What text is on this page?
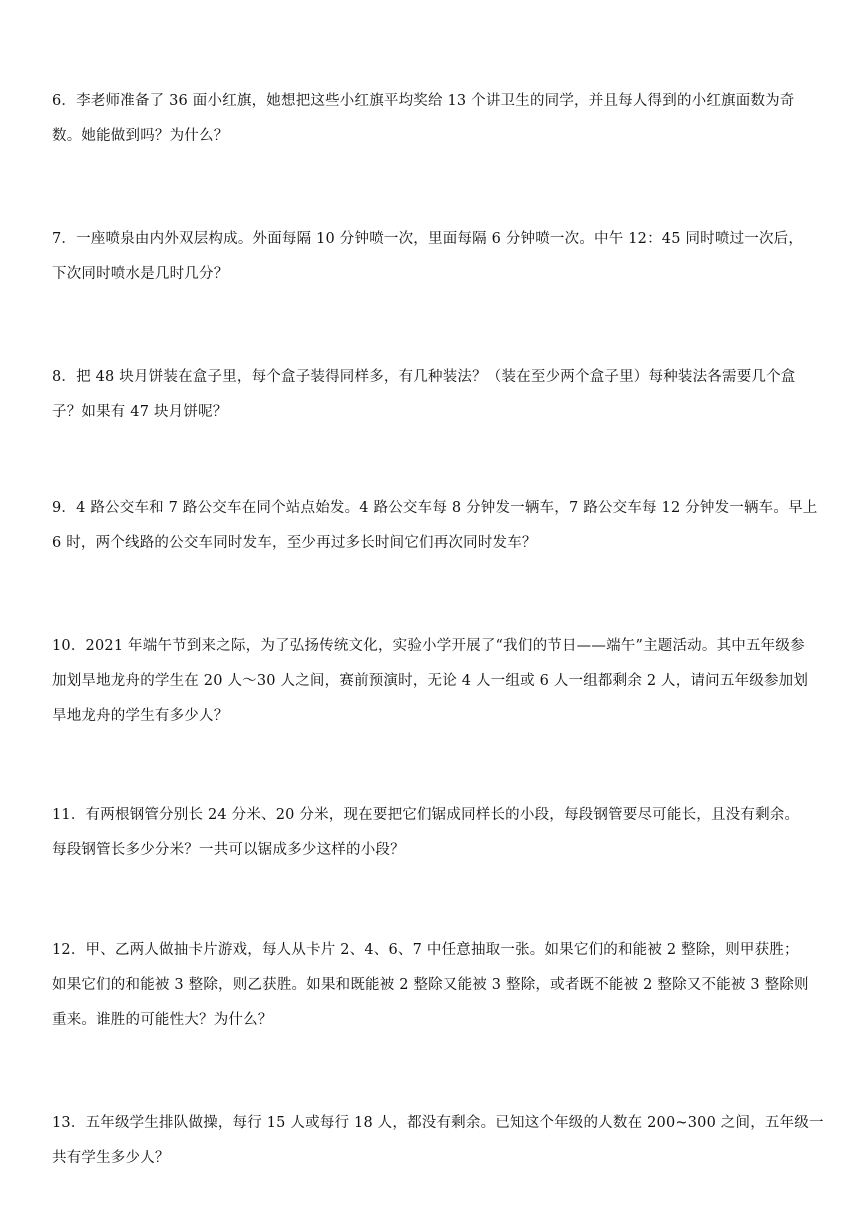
6．李老师准备了 36 面小红旗，她想把这些小红旗平均奖给 13 个讲卫生的同学，并且每人得到的小红旗面数为奇
数。她能做到吗？为什么？
7．一座喷泉由内外双层构成。外面每隔 10 分钟喷一次，里面每隔 6 分钟喷一次。中午 12：45 同时喷过一次后，
下次同时喷水是几时几分？
8．把 48 块月饼装在盒子里，每个盒子装得同样多，有几种装法？（装在至少两个盒子里）每种装法各需要几个盒
子？如果有 47 块月饼呢？
9．4 路公交车和 7 路公交车在同个站点始发。4 路公交车每 8 分钟发一辆车，7 路公交车每 12 分钟发一辆车。早上
6 时，两个线路的公交车同时发车，至少再过多长时间它们再次同时发车？
10．2021 年端午节到来之际，为了弘扬传统文化，实验小学开展了“我们的节日——端午”主题活动。其中五年级参
加划旱地龙舟的学生在 20 人～30 人之间，赛前预演时，无论 4 人一组或 6 人一组都剩余 2 人，请问五年级参加划
旱地龙舟的学生有多少人？
11．有两根钢管分别长 24 分米、20 分米，现在要把它们锯成同样长的小段，每段钢管要尽可能长，且没有剩余。
每段钢管长多少分米？一共可以锯成多少这样的小段？
12．甲、乙两人做抽卡片游戏，每人从卡片 2、4、6、7 中任意抽取一张。如果它们的和能被 2 整除，则甲获胜；
如果它们的和能被 3 整除，则乙获胜。如果和既能被 2 整除又能被 3 整除，或者既不能被 2 整除又不能被 3 整除则
重来。谁胜的可能性大？为什么？
13．五年级学生排队做操，每行 15 人或每行 18 人，都没有剩余。已知这个年级的人数在 200~300 之间，五年级一
共有学生多少人？
